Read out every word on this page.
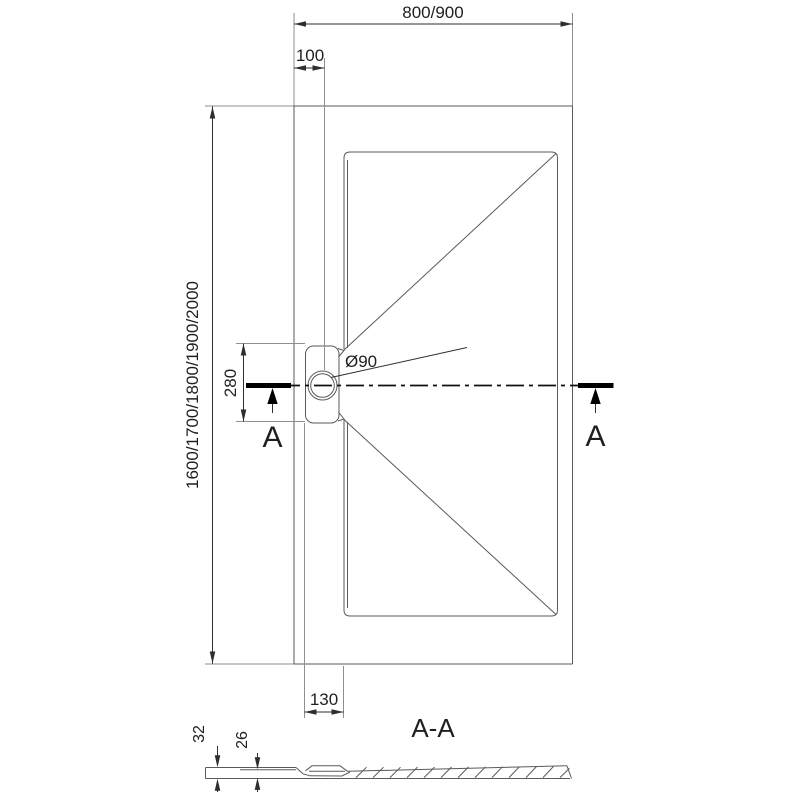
A	A
800/900
100
1600/1700/1800/1900/2000 280
Ø90
130
A-A
32 26
